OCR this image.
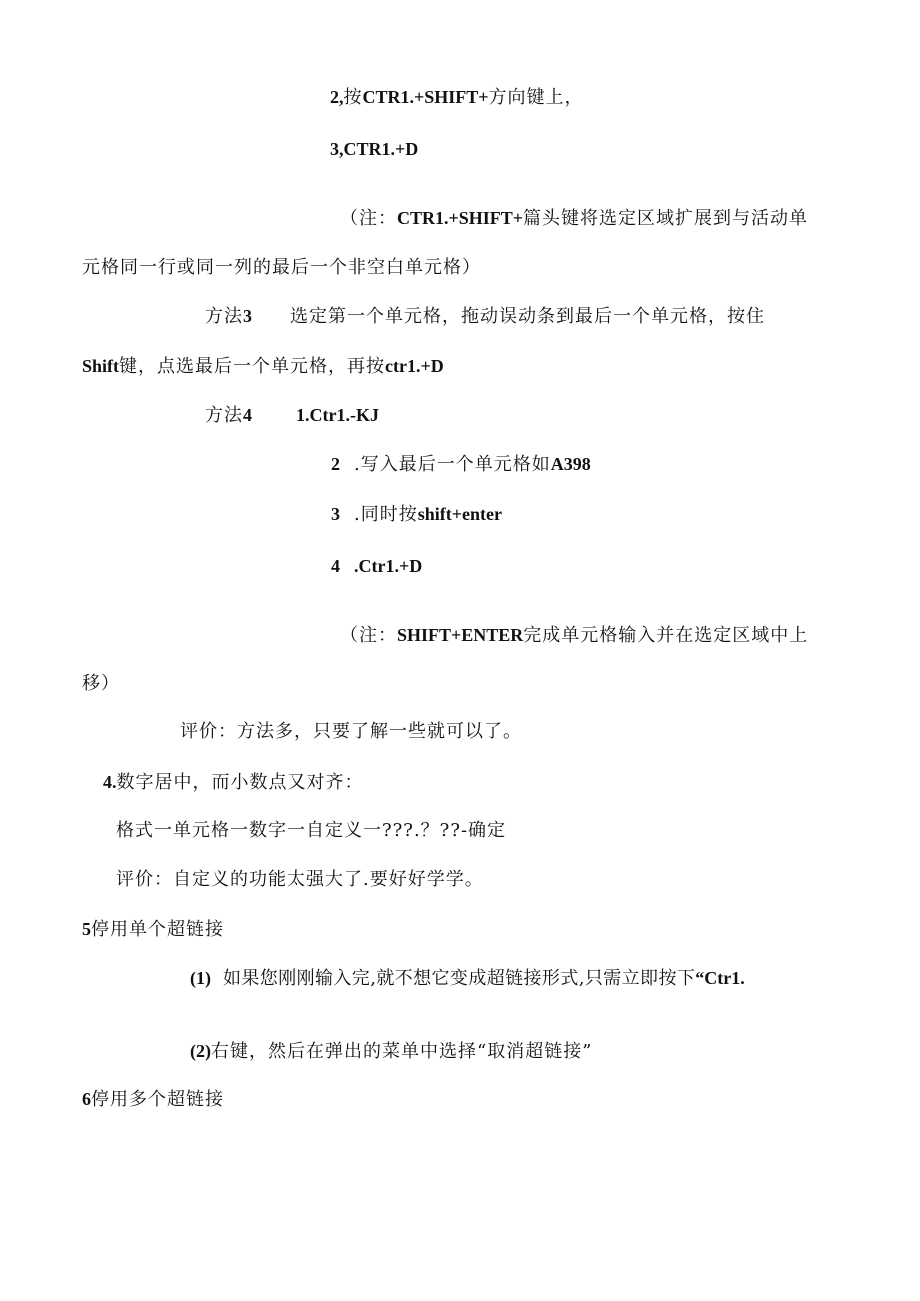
2,按CTR1.+SHIFT+方向键上，
3,CTR1.+D
（注：CTR1.+SHIFT+篇头键将选定区域扩展到与活动单
元格同一行或同一列的最后一个非空白单元格）
方法3 选定第一个单元格，拖动误动条到最后一个单元格，按住
Shift键，点选最后一个单元格，再按ctr1.+D
方法4 1.Ctr1.-KJ
2 .写入最后一个单元格如A398
3 .同时按shift+enter
4 .Ctr1.+D
（注：SHIFT+ENTER完成单元格输入并在选定区域中上
移）
评价：方法多，只要了解一些就可以了。
4.数字居中，而小数点又对齐：
格式一单元格一数字一自定义一???.？??-确定
评价：自定义的功能太强大了.要好好学学。
5停用单个超链接
(1) 如果您刚刚输入完,就不想它变成超链接形式,只需立即按下“Ctr1.
(2)右键，然后在弹出的菜单中选择“取消超链接”
6停用多个超链接
